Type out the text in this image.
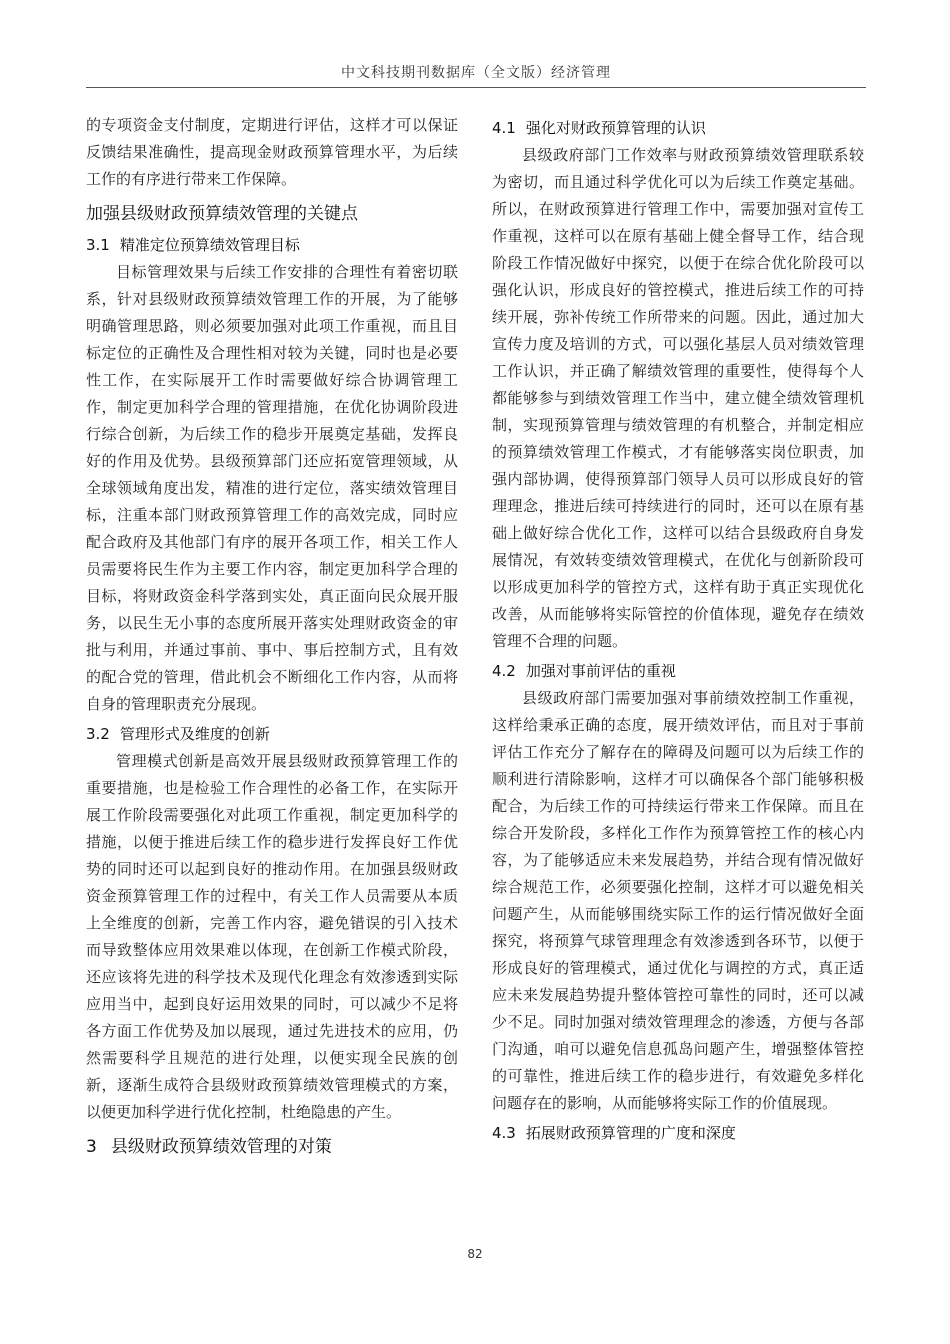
中文科技期刊数据库（全文版）经济管理

的专项资金支付制度，定期进行评估，这样才可以保证反馈结果准确性，提高现金财政预算管理水平，为后续工作的有序进行带来工作保障。

加强县级财政预算绩效管理的关键点
3.1 精准定位预算绩效管理目标

目标管理效果与后续工作安排的合理性有着密切联系，针对县级财政预算绩效管理工作的开展，为了能够明确管理思路，则必须要加强对此项工作重视，而且目标定位的正确性及合理性相对较为关键，同时也是必要性工作，在实际展开工作时需要做好综合协调管理工作，制定更加科学合理的管理措施，在优化协调阶段进行综合创新，为后续工作的稳步开展奠定基础，发挥良好的作用及优势。县级预算部门还应拓宽管理领域，从全球领域角度出发，精准的进行定位，落实绩效管理目标，注重本部门财政预算管理工作的高效完成，同时应配合政府及其他部门有序的展开各项工作，相关工作人员需要将民生作为主要工作内容，制定更加科学合理的目标，将财政资金科学落到实处，真正面向民众展开服务，以民生无小事的态度所展开落实处理财政资金的审批与利用，并通过事前、事中、事后控制方式，且有效的配合党的管理，借此机会不断细化工作内容，从而将自身的管理职责充分展现。

3.2 管理形式及维度的创新

管理模式创新是高效开展县级财政预算管理工作的重要措施，也是检验工作合理性的必备工作，在实际开展工作阶段需要强化对此项工作重视，制定更加科学的措施，以便于推进后续工作的稳步进行发挥良好工作优势的同时还可以起到良好的推动作用。在加强县级财政资金预算管理工作的过程中，有关工作人员需要从本质上全维度的创新，完善工作内容，避免错误的引入技术而导致整体应用效果难以体现，在创新工作模式阶段，还应该将先进的科学技术及现代化理念有效渗透到实际应用当中，起到良好运用效果的同时，可以减少不足将各方面工作优势及加以展现，通过先进技术的应用，仍然需要科学且规范的进行处理，以便实现全民族的创新，逐渐生成符合县级财政预算绩效管理模式的方案，以便更加科学进行优化控制，杜绝隐患的产生。

3 县级财政预算绩效管理的对策
4.1 强化对财政预算管理的认识

县级政府部门工作效率与财政预算绩效管理联系较为密切，而且通过科学优化可以为后续工作奠定基础。所以，在财政预算进行管理工作中，需要加强对宣传工作重视，这样可以在原有基础上健全督导工作，结合现阶段工作情况做好中探究，以便于在综合优化阶段可以强化认识，形成良好的管控模式，推进后续工作的可持续开展，弥补传统工作所带来的问题。因此，通过加大宣传力度及培训的方式，可以强化基层人员对绩效管理工作认识，并正确了解绩效管理的重要性，使得每个人都能够参与到绩效管理工作当中，建立健全绩效管理机制，实现预算管理与绩效管理的有机整合，并制定相应的预算绩效管理工作模式，才有能够落实岗位职责，加强内部协调，使得预算部门领导人员可以形成良好的管理理念，推进后续可持续进行的同时，还可以在原有基础上做好综合优化工作，这样可以结合县级政府自身发展情况，有效转变绩效管理模式，在优化与创新阶段可以形成更加科学的管控方式，这样有助于真正实现优化改善，从而能够将实际管控的价值体现，避免存在绩效管理不合理的问题。

4.2 加强对事前评估的重视

县级政府部门需要加强对事前绩效控制工作重视，这样给秉承正确的态度，展开绩效评估，而且对于事前评估工作充分了解存在的障碍及问题可以为后续工作的顺利进行清除影响，这样才可以确保各个部门能够积极配合，为后续工作的可持续运行带来工作保障。而且在综合开发阶段，多样化工作作为预算管控工作的核心内容，为了能够适应未来发展趋势，并结合现有情况做好综合规范工作，必须要强化控制，这样才可以避免相关问题产生，从而能够围绕实际工作的运行情况做好全面探究，将预算气球管理理念有效渗透到各环节，以便于形成良好的管理模式，通过优化与调控的方式，真正适应未来发展趋势提升整体管控可靠性的同时，还可以减少不足。同时加强对绩效管理理念的渗透，方便与各部门沟通，咱可以避免信息孤岛问题产生，增强整体管控的可靠性，推进后续工作的稳步进行，有效避免多样化问题存在的影响，从而能够将实际工作的价值展现。

4.3 拓展财政预算管理的广度和深度
82
